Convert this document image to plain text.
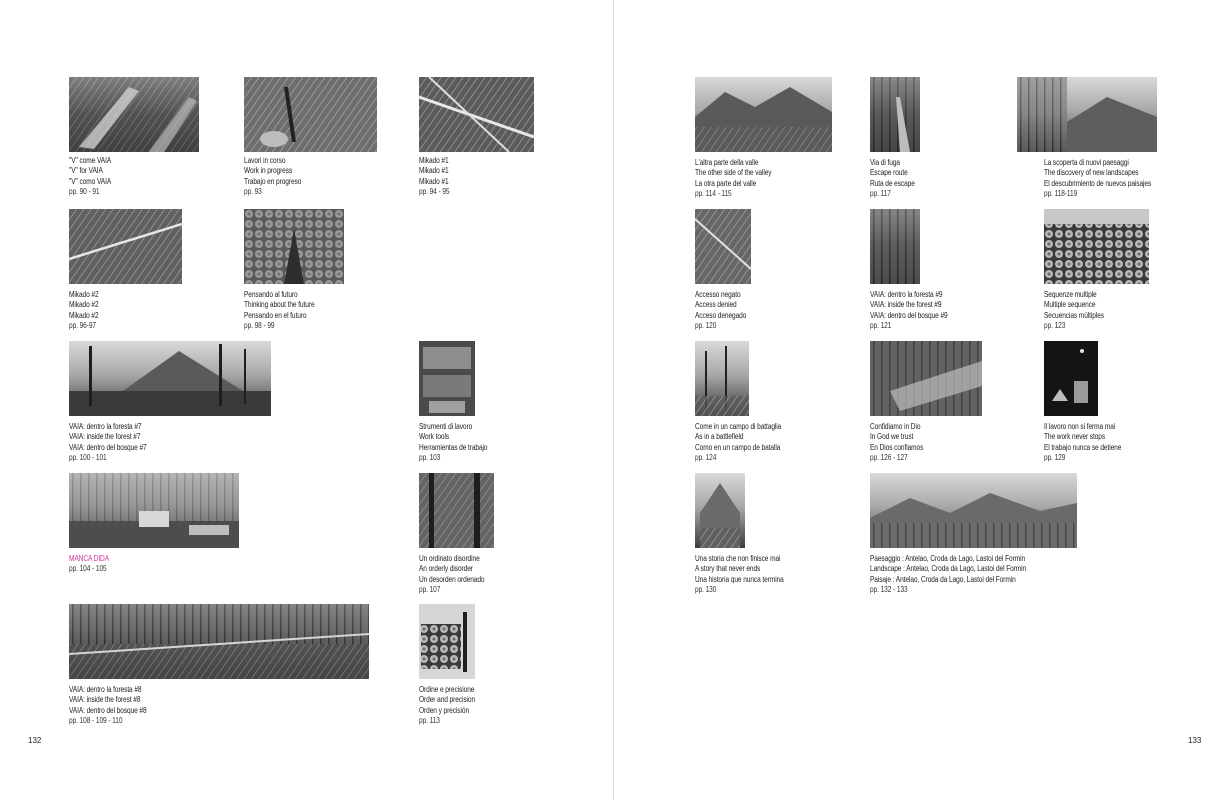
"V" come VAIA
"V" for VAIA
"V" como VAIA
pp. 90 - 91
Lavori in corso
Work in progress
Trabajo en progreso
pp. 93
Mikado #1
Mikado #1
Mikado #1
pp. 94 - 95
Mikado #2
Mikado #2
Mikado #2
pp. 96-97
Pensando al futuro
Thinking about the future
Pensando en el futuro
pp. 98 - 99
VAIA: dentro la foresta #7
VAIA: inside the forest #7
VAIA: dentro del bosque #7
pp. 100 - 101
Strumenti di lavoro
Work tools
Herramientas de trabajo
pp. 103
MANCA DIDA
pp. 104 - 105
Un ordinato disordine
An orderly disorder
Un desorden ordenado
pp. 107
VAIA: dentro la foresta #8
VAIA: inside the forest #8
VAIA: dentro del bosque #8
pp. 108 - 109 - 110
Ordine e precisione
Order and precision
Orden y precisión
pp. 113
132
L'altra parte della valle
The other side of the valley
La otra parte del valle
pp. 114 - 115
Via di fuga
Escape route
Ruta de escape
pp. 117
La scoperta di nuovi paesaggi
The discovery of new landscapes
El descubrimiento de nuevos paisajes
pp. 118-119
Accesso negato
Access denied
Acceso denegado
pp. 120
VAIA: dentro la foresta #9
VAIA: inside the forest #9
VAIA: dentro del bosque #9
pp. 121
Sequenze multiple
Multiple sequence
Secuencias múltiples
pp. 123
Come in un campo di battaglia
As in a battlefield
Como en un campo de batalla
pp. 124
Confidiamo in Dio
In God we trust
En Dios confiamos
pp. 126 - 127
Il lavoro non si ferma mai
The work never stops
El trabajo nunca se detiene
pp. 129
Una storia che non finisce mai
A story that never ends
Una historia que nunca termina
pp. 130
Paesaggio : Antelao, Croda da Lago, Lastoi del Formin
Landscape : Antelao, Croda da Lago, Lastoi del Formin
Paisaje : Antelao, Croda da Lago, Lastoi del Formin
pp. 132 - 133
133
